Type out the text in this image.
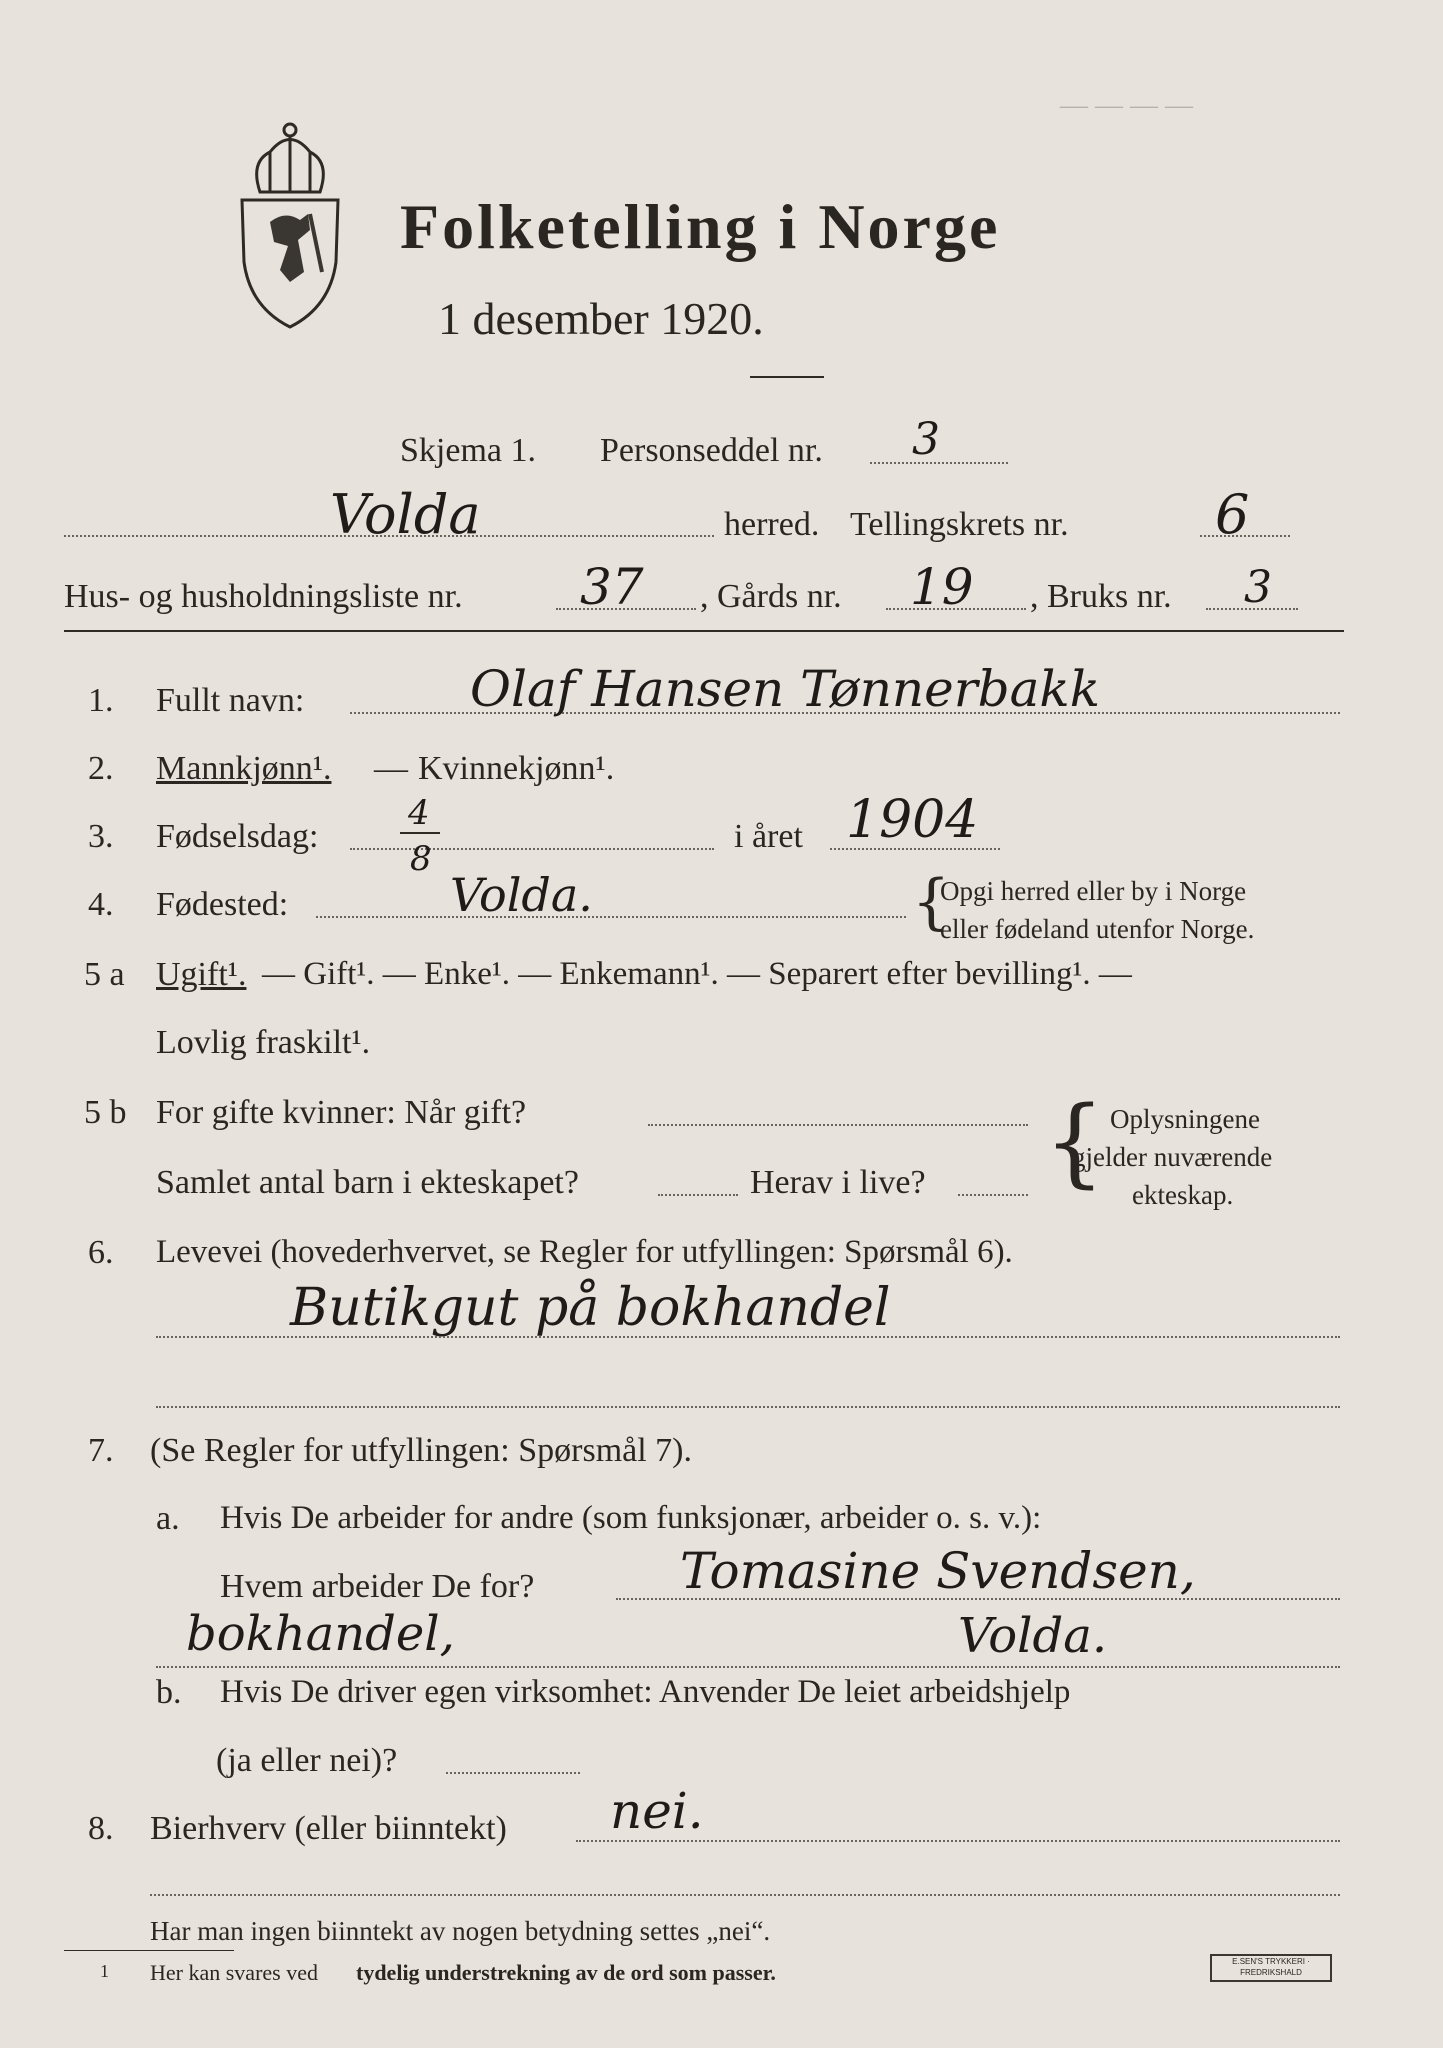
— — — —
Folketelling i Norge
1 desember 1920.
Skjema 1. Personseddel nr. 3
Volda	herred. Tellingskrets nr.	6
Hus- og husholdningsliste nr. 37 , Gårds nr. 19 , Bruks nr. 3
1. Fullt navn:	Olaf Hansen Tønnerbakk
2. Mannkjønn¹. — Kvinnekjønn¹.
3. Fødselsdag:
4
8
i året 1904
4. Fødested:	Volda.	{
Opgi herred eller by i Norge
eller fødeland utenfor Norge.
5 a Ugift¹. — Gift¹. — Enke¹. — Enkemann¹. — Separert efter bevilling¹. —
Lovlig fraskilt¹.
5 b For gifte kvinner: Når gift?
Samlet antal barn i ekteskapet?	Herav i live? { Oplysningene
gjelder nuværende
ekteskap.
6. Levevei (hovederhvervet, se Regler for utfyllingen: Spørsmål 6).
Butikgut på bokhandel
7. (Se Regler for utfyllingen: Spørsmål 7).
a. Hvis De arbeider for andre (som funksjonær, arbeider o. s. v.):
Hvem arbeider De for?	Tomasine Svendsen,
bokhandel,	Volda.
b. Hvis De driver egen virksomhet: Anvender De leiet arbeidshjelp
(ja eller nei)?
8. Bierhverv (eller biinntekt) nei.
Har man ingen biinntekt av nogen betydning settes „nei“.
1 Her kan svares ved tydelig understrekning av de ord som passer.	E.SEN'S TRYKKERI · FREDRIKSHALD
